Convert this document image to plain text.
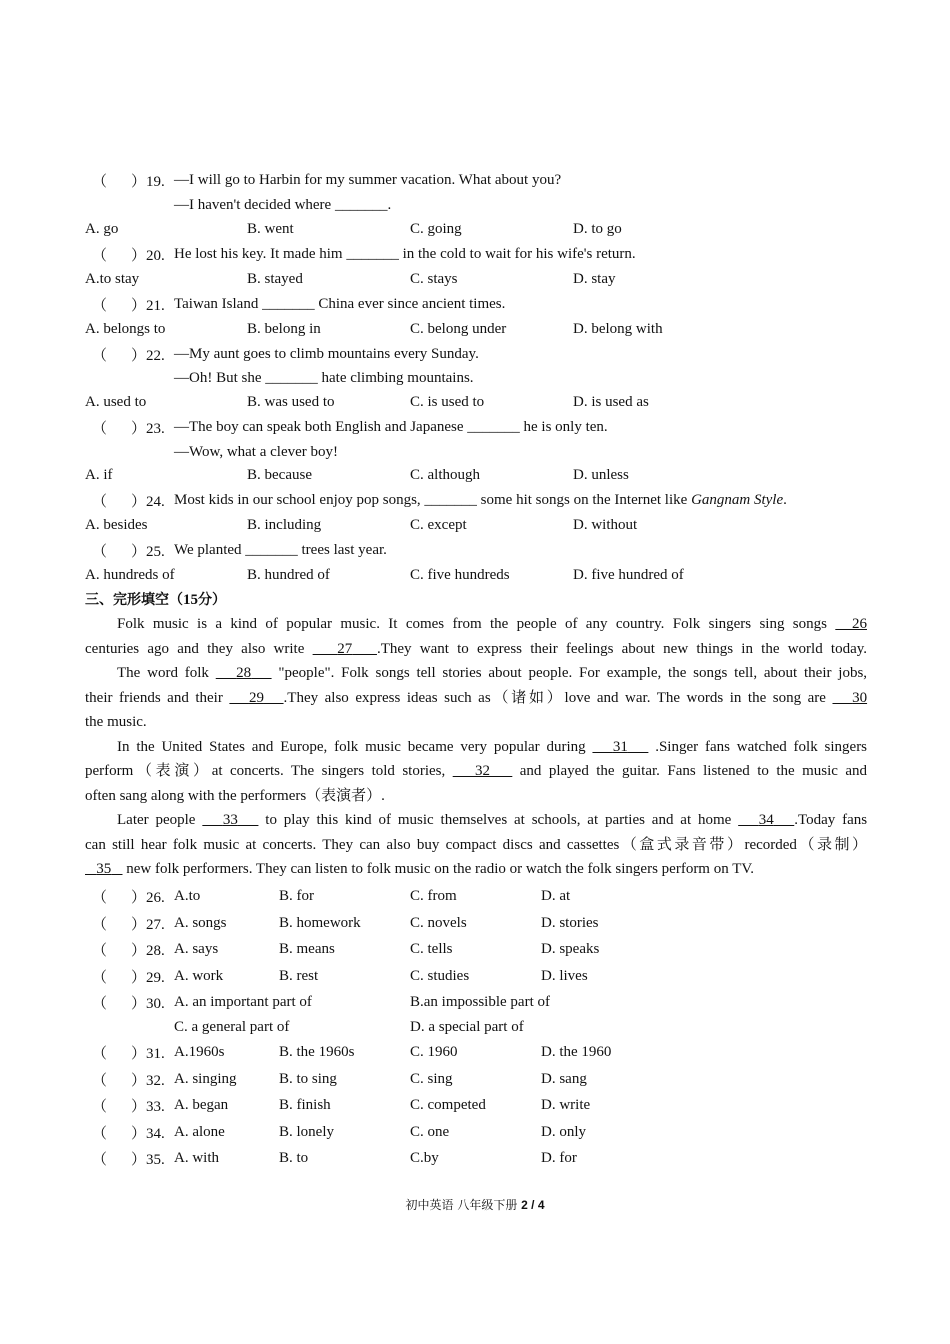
（ ）19. —I will go to Harbin for my summer vacation. What about you?
—I haven't decided where _______.
A. go	B. went	C. going	D. to go
（ ）20. He lost his key. It made him _______ in the cold to wait for his wife's return.
A.to stay	B. stayed	C. stays	D. stay
（ ）21. Taiwan Island _______ China ever since ancient times.
A. belongs to	B. belong in	C. belong under	D. belong with
（ ）22. —My aunt goes to climb mountains every Sunday.
—Oh! But she _______ hate climbing mountains.
A. used to	B. was used to	C. is used to	D. is used as
（ ）23. —The boy can speak both English and Japanese _______ he is only ten.
—Wow, what a clever boy!
A. if	B. because	C. although	D. unless
（ ）24. Most kids in our school enjoy pop songs, _______ some hit songs on the Internet like Gangnam Style.
A. besides	B. including	C. except	D. without
（ ）25. We planted _______ trees last year.
A. hundreds of	B. hundred of	C. five hundreds	D. five hundred of
三、完形填空（15分）
Folk music is a kind of popular music. It comes from the people of any country. Folk singers sing songs 26
centuries ago and they also write 27 .They want to express their feelings about new things in the world today.
The word folk 28 "people". Folk songs tell stories about people. For example, the songs tell, about their jobs,
their friends and their 29 .They also express ideas such as（诸如）love and war. The words in the song are 30
the music.
In the United States and Europe, folk music became very popular during 31 .Singer fans watched folk singers
perform（表演）at concerts. The singers told stories, 32 and played the guitar. Fans listened to the music and
often sang along with the performers（表演者）.
Later people 33 to play this kind of music themselves at schools, at parties and at home 34 .Today fans
can still hear folk music at concerts. They can also buy compact discs and cassettes（盒式录音带）recorded（录制）
35 new folk performers. They can listen to folk music on the radio or watch the folk singers perform on TV.
（ ）26. A.to	B. for	C. from	D. at
（ ）27. A. songs	B. homework	C. novels	D. stories
（ ）28. A. says	B. means	C. tells	D. speaks
（ ）29. A. work	B. rest	C. studies	D. lives
（ ）30. A. an important part of	B.an impossible part of
C. a general part of	D. a special part of
（ ）31. A.1960s	B. the 1960s	C. 1960	D. the 1960
（ ）32. A. singing	B. to sing	C. sing	D. sang
（ ）33. A. began	B. finish	C. competed	D. write
（ ）34. A. alone	B. lonely	C. one	D. only
（ ）35. A. with	B. to	C.by	D. for
初中英语 八年级下册 2 / 4
